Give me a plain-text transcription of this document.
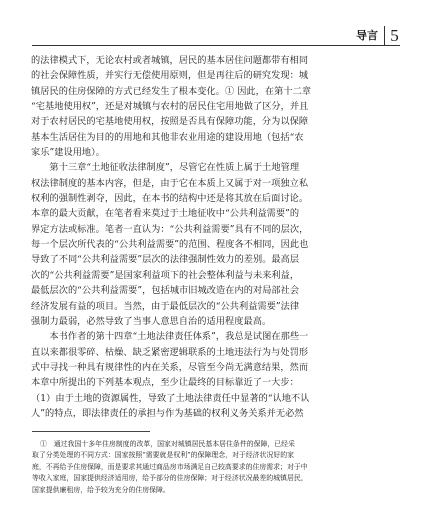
导言 5
的法律模式下，无论农村或者城镇，居民的基本居住问题都带有相同
的社会保障性质，并实行无偿使用原则，但是再往后的研究发现：城
镇居民的住房保障的方式已经发生了根本变化。① 因此，在第十二章
“宅基地使用权”，还是对城镇与农村的居民住宅用地做了区分，并且
对于农村居民的宅基地使用权，按照是否具有保障功能，分为以保障
基本生活居住为目的的用地和其他非农业用途的建设用地（包括“农
家乐”建设用地）。
第十三章“土地征收法律制度”，尽管它在性质上属于土地管理
权法律制度的基本内容，但是，由于它在本质上又属于对一项独立私
权利的强制性剥夺，因此，在本书的结构中还是将其放在后面讨论。
本章的最大贡献，在笔者看来莫过于土地征收中“公共利益需要”的
界定方法或标准。笔者一直认为：“公共利益需要”具有不同的层次，
每一个层次所代表的“公共利益需要”的范围、程度各不相同，因此也
导致了不同“公共利益需要”层次的法律强制性效力的差别。最高层
次的“公共利益需要”是国家利益项下的社会整体利益与未来利益，
最低层次的“公共利益需要”，包括城市旧城改造在内的对局部社会
经济发展有益的项目。当然，由于最低层次的“公共利益需要”法律
强制力最弱，必然导致了当事人意思自治的适用程度最高。
本书作者的第十四章“土地法律责任体系”，我总是试图在那些一
直以来都很零碎、枯燥、缺乏紧密逻辑联系的土地违法行为与处罚形
式中寻找一种具有规律性的内在关系，尽管至今尚无满意结果，然而
本章中所提出的下列基本观点，至少让最终的目标靠近了一大步：
（1）由于土地的资源属性，导致了土地法律责任中显著的“认地不认
人”的特点，即法律责任的承担与作为基础的权利义务关系并无必然
①　通过我国十多年住房制度的改革，国家对城镇居民基本居住条件的保障，已经采
取了分类处理的不同方式：国家按照“需要就是权利”的保障理念，对于经济状况好的家
庭，不再给予住房保障，而是要求其通过商品房市场满足自己较高要求的住房需求；对于中
等收入家庭，国家提供经济适用房，给予部分的住房保障；对于经济状况最差的城镇居民，
国家提供廉租房，给予较为充分的住房保障。
